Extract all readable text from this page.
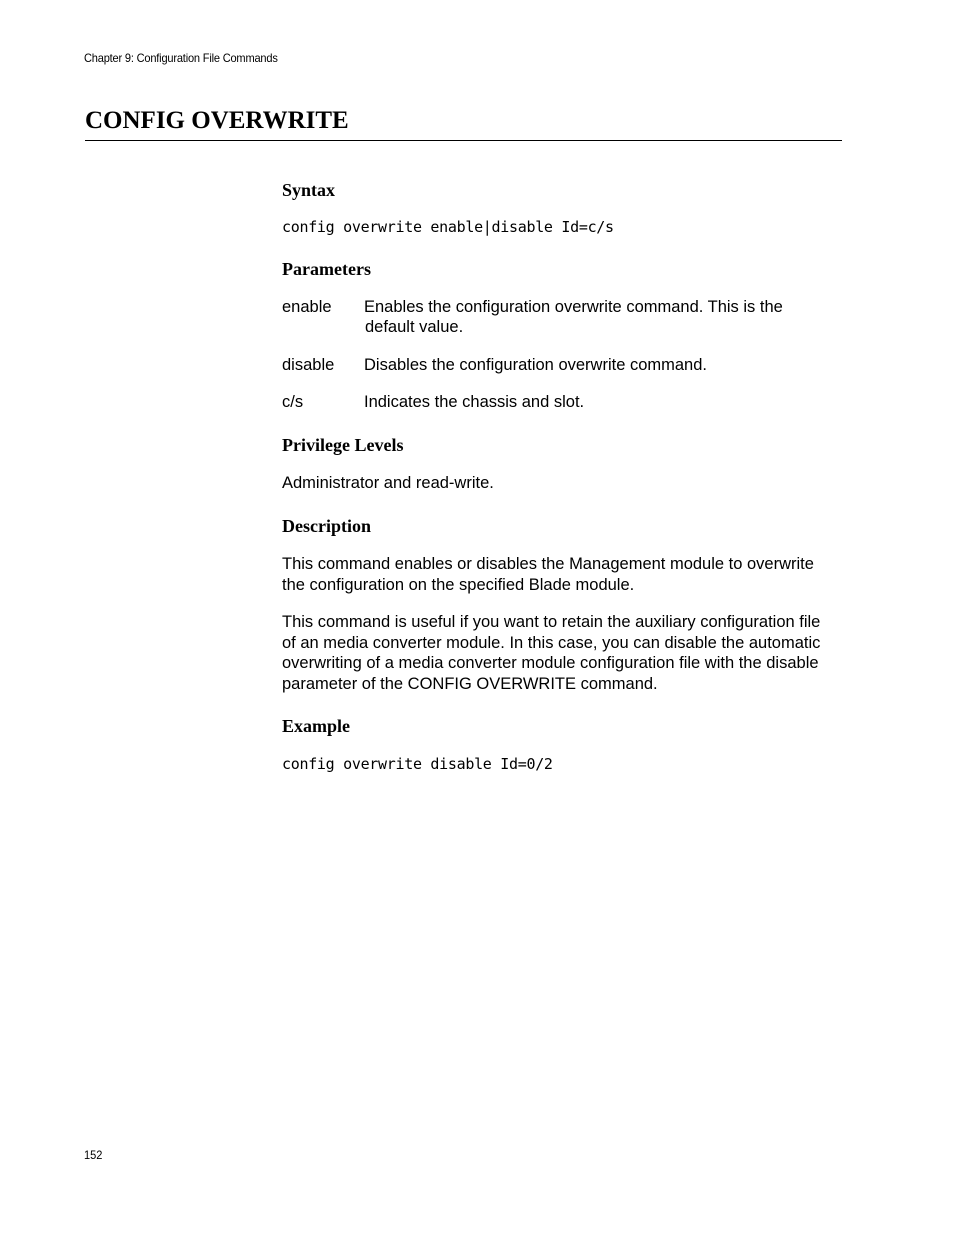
Chapter 9: Configuration File Commands
CONFIG OVERWRITE
Syntax
config overwrite enable|disable Id=c/s
Parameters
enable Enables the configuration overwrite command. This is the
default value.
disable Disables the configuration overwrite command.
c/s	Indicates the chassis and slot.
Privilege Levels
Administrator and read-write.
Description
This command enables or disables the Management module to overwrite
the configuration on the specified Blade module.
This command is useful if you want to retain the auxiliary configuration file
of an media converter module. In this case, you can disable the automatic
overwriting of a media converter module configuration file with the disable
parameter of the CONFIG OVERWRITE command.
Example
config overwrite disable Id=0/2
152
